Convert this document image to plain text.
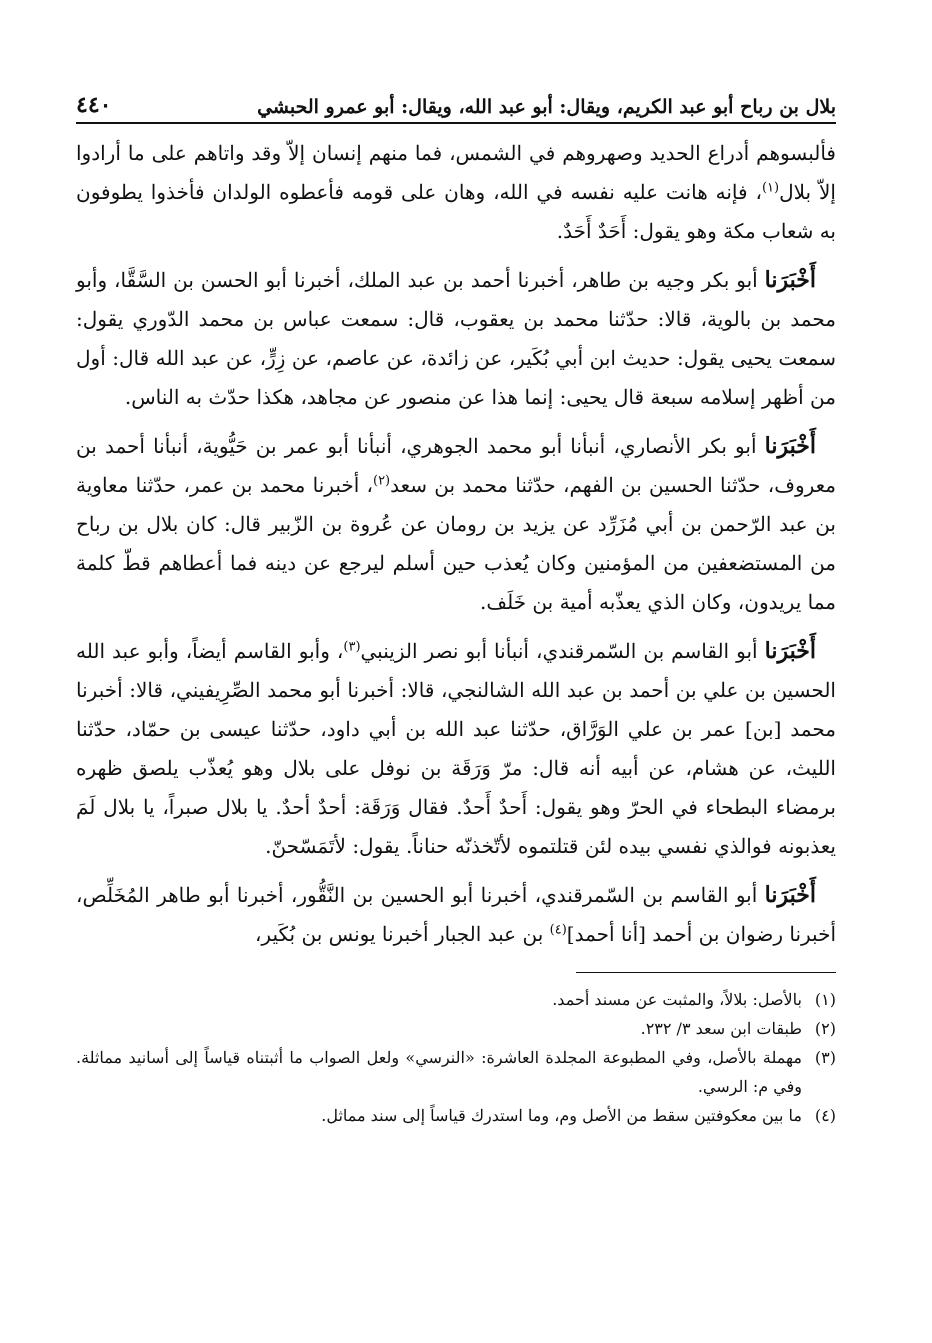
بلال بن رباح أبو عبد الكريم، ويقال: أبو عبد الله، ويقال: أبو عمرو الحبشي
٤٤٠

فألبسوهم أدراع الحديد وصهروهم في الشمس، فما منهم إنسان إلاّ وقد واتاهم على ما أرادوا إلاّ بلال$^{(١)}$، فإنه هانت عليه نفسه في الله، وهان على قومه فأعطوه الولدان فأخذوا يطوفون به شعاب مكة وهو يقول: أَحَدٌ أَحَدٌ.

أَخْبَرَنا أبو بكر وجيه بن طاهر، أخبرنا أحمد بن عبد الملك، أخبرنا أبو الحسن بن السَّقَّا، وأبو محمد بن بالوية، قالا: حدّثنا محمد بن يعقوب، قال: سمعت عباس بن محمد الدّوري يقول: سمعت يحيى يقول: حديث ابن أبي بُكَير، عن زائدة، عن عاصم، عن زِرٍّ، عن عبد الله قال: أول من أظهر إسلامه سبعة قال يحيى: إنما هذا عن منصور عن مجاهد، هكذا حدّث به الناس.

أَخْبَرَنا أبو بكر الأنصاري، أنبأنا أبو محمد الجوهري، أنبأنا أبو عمر بن حَيُّوية، أنبأنا أحمد بن معروف، حدّثنا الحسين بن الفهم، حدّثنا محمد بن سعد$^{(٢)}$، أخبرنا محمد بن عمر، حدّثنا معاوية بن عبد الرّحمن بن أبي مُزَرِّد عن يزيد بن رومان عن عُروة بن الزّبير قال: كان بلال بن رباح من المستضعفين من المؤمنين وكان يُعذب حين أسلم ليرجع عن دينه فما أعطاهم قطّ كلمة مما يريدون، وكان الذي يعذّبه أمية بن خَلَف.

أَخْبَرَنا أبو القاسم بن السّمرقندي، أنبأنا أبو نصر الزينبي$^{(٣)}$، وأبو القاسم أيضاً، وأبو عبد الله الحسين بن علي بن أحمد بن عبد الله الشالنجي، قالا: أخبرنا أبو محمد الصِّرِيفيني، قالا: أخبرنا محمد [بن] عمر بن علي الوَرَّاق، حدّثنا عبد الله بن أبي داود، حدّثنا عيسى بن حمّاد، حدّثنا الليث، عن هشام، عن أبيه أنه قال: مرّ وَرَقَة بن نوفل على بلال وهو يُعذّب يلصق ظهره برمضاء البطحاء في الحرّ وهو يقول: أَحدٌ أَحدٌ. فقال وَرَقَة: أحدٌ أحدٌ. يا بلال صبراً، يا بلال لَمَ يعذبونه فوالذي نفسي بيده لئن قتلتموه لأتّخذنّه حناناً. يقول: لأتَمَسّحنّ.

أَخْبَرَنا أبو القاسم بن السّمرقندي، أخبرنا أبو الحسين بن النَّقُّور، أخبرنا أبو طاهر المُخَلِّص، أخبرنا رضوان بن أحمد [أنا أحمد]$^{(٤)}$ بن عبد الجبار أخبرنا يونس بن بُكَير،

(١)
بالأصل: بلالاً، والمثبت عن مسند أحمد.
(٢)
طبقات ابن سعد ٣/ ٢٣٢.
(٣)
مهملة بالأصل، وفي المطبوعة المجلدة العاشرة: «النرسي» ولعل الصواب ما أثبتناه قياساً إلى أسانيد مماثلة. وفي م: الرسي.
(٤)
ما بين معكوفتين سقط من الأصل وم، وما استدرك قياساً إلى سند مماثل.
